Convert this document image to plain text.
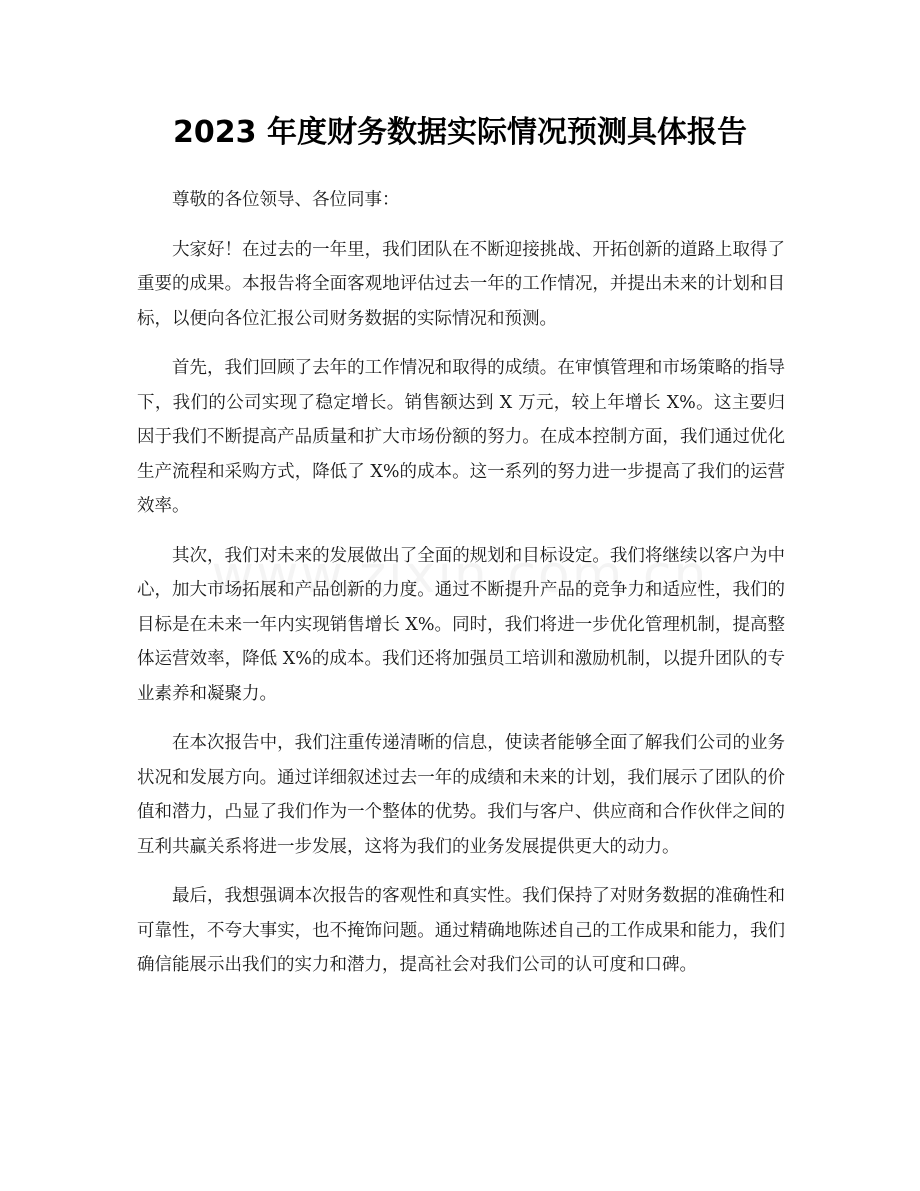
2023 年度财务数据实际情况预测具体报告

尊敬的各位领导、各位同事：

大家好！在过去的一年里，我们团队在不断迎接挑战、开拓创新的道路上取得了重要的成果。本报告将全面客观地评估过去一年的工作情况，并提出未来的计划和目标，以便向各位汇报公司财务数据的实际情况和预测。

首先，我们回顾了去年的工作情况和取得的成绩。在审慎管理和市场策略的指导下，我们的公司实现了稳定增长。销售额达到 X 万元，较上年增长 X%。这主要归因于我们不断提高产品质量和扩大市场份额的努力。在成本控制方面，我们通过优化生产流程和采购方式，降低了 X%的成本。这一系列的努力进一步提高了我们的运营效率。

其次，我们对未来的发展做出了全面的规划和目标设定。我们将继续以客户为中心，加大市场拓展和产品创新的力度。通过不断提升产品的竞争力和适应性，我们的目标是在未来一年内实现销售增长 X%。同时，我们将进一步优化管理机制，提高整体运营效率，降低 X%的成本。我们还将加强员工培训和激励机制，以提升团队的专业素养和凝聚力。

在本次报告中，我们注重传递清晰的信息，使读者能够全面了解我们公司的业务状况和发展方向。通过详细叙述过去一年的成绩和未来的计划，我们展示了团队的价值和潜力，凸显了我们作为一个整体的优势。我们与客户、供应商和合作伙伴之间的互利共赢关系将进一步发展，这将为我们的业务发展提供更大的动力。

最后，我想强调本次报告的客观性和真实性。我们保持了对财务数据的准确性和可靠性，不夸大事实，也不掩饰问题。通过精确地陈述自己的工作成果和能力，我们确信能展示出我们的实力和潜力，提高社会对我们公司的认可度和口碑。
